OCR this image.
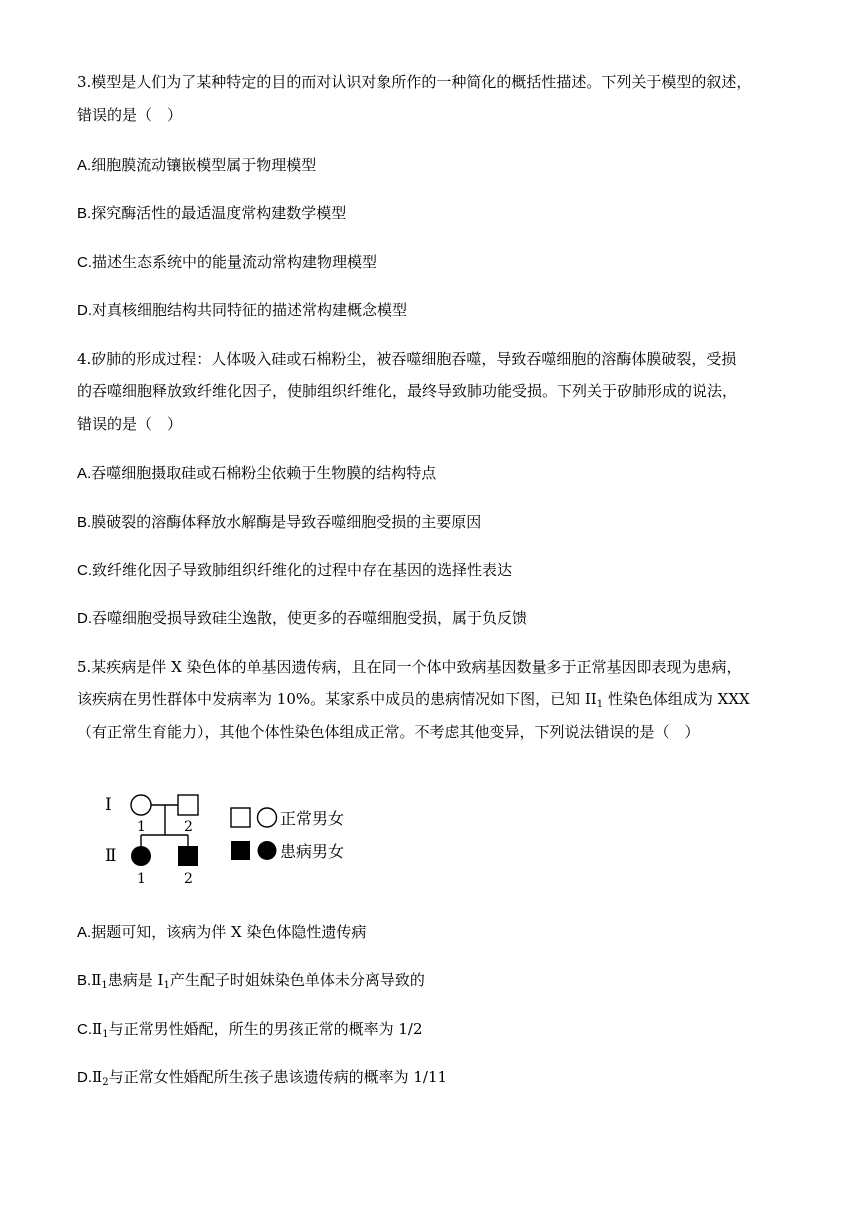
3.模型是人们为了某种特定的目的而对认识对象所作的一种简化的概括性描述。下列关于模型的叙述，
错误的是（　）
A.细胞膜流动镶嵌模型属于物理模型
B.探究酶活性的最适温度常构建数学模型
C.描述生态系统中的能量流动常构建物理模型
D.对真核细胞结构共同特征的描述常构建概念模型
4.矽肺的形成过程：人体吸入硅或石棉粉尘，被吞噬细胞吞噬，导致吞噬细胞的溶酶体膜破裂，受损
的吞噬细胞释放致纤维化因子，使肺组织纤维化，最终导致肺功能受损。下列关于矽肺形成的说法，
错误的是（　）
A.吞噬细胞摄取硅或石棉粉尘依赖于生物膜的结构特点
B.膜破裂的溶酶体释放水解酶是导致吞噬细胞受损的主要原因
C.致纤维化因子导致肺组织纤维化的过程中存在基因的选择性表达
D.吞噬细胞受损导致硅尘逸散，使更多的吞噬细胞受损，属于负反馈
5.某疾病是伴 X 染色体的单基因遗传病，且在同一个体中致病基因数量多于正常基因即表现为患病，
该疾病在男性群体中发病率为 10%。某家系中成员的患病情况如下图，已知 $II_1$ 性染色体组成为 XXX
（有正常生育能力），其他个体性染色体组成正常。不考虑其他变异，下列说法错误的是（　）
Ⅰ
Ⅱ
1	2
1	2
正常男女
患病男女
A.据题可知，该病为伴 X 染色体隐性遗传病
$B.Ⅱ_1$患病是 $I_1$产生配子时姐妹染色单体未分离导致的
$C.Ⅱ_1$与正常男性婚配，所生的男孩正常的概率为 1/2
$D.Ⅱ_2$与正常女性婚配所生孩子患该遗传病的概率为 1/11
